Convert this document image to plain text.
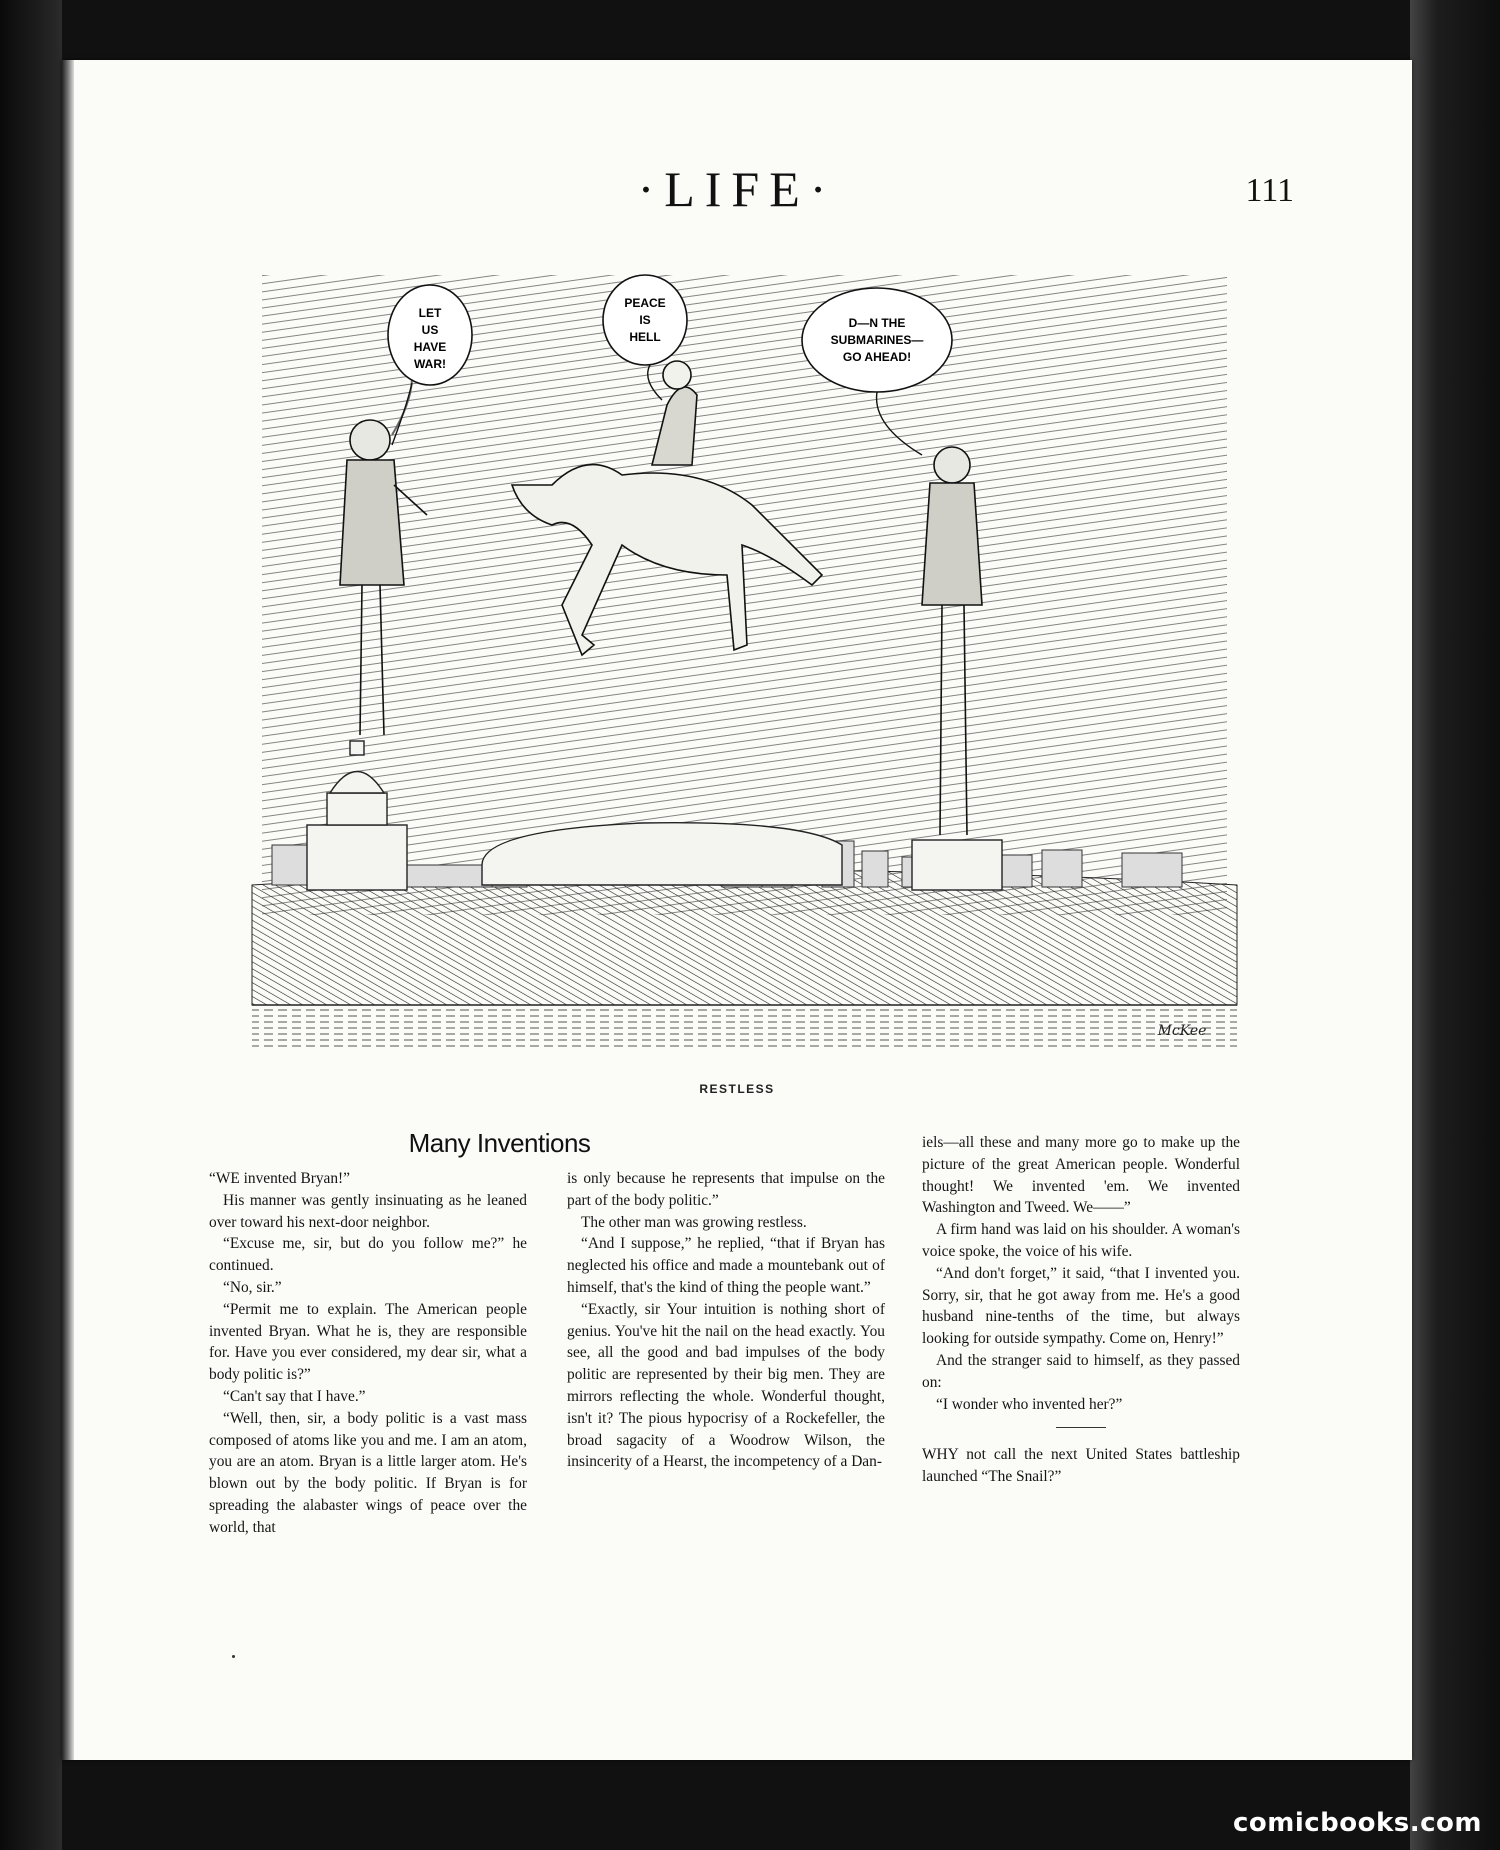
·LIFE·	111
LET
US
HAVE
WAR!
PEACE
IS
HELL
D—N THE
SUBMARINES—
GO AHEAD!
McKee
RESTLESS
Many Inventions

“WE invented Bryan!”

His manner was gently insinuating as he leaned over toward his next-door neighbor.

“Excuse me, sir, but do you follow me?” he continued.

“No, sir.”

“Permit me to explain. The American people invented Bryan. What he is, they are responsible for. Have you ever considered, my dear sir, what a body politic is?”

“Can't say that I have.”

“Well, then, sir, a body politic is a vast mass composed of atoms like you and me. I am an atom, you are an atom. Bryan is a little larger atom. He's blown out by the body politic. If Bryan is for spreading the alabaster wings of peace over the world, that

is only because he represents that impulse on the part of the body politic.”

The other man was growing restless.

“And I suppose,” he replied, “that if Bryan has neglected his office and made a mountebank out of himself, that's the kind of thing the people want.”

“Exactly, sir Your intuition is nothing short of genius. You've hit the nail on the head exactly. You see, all the good and bad impulses of the body politic are represented by their big men. They are mirrors reflecting the whole. Wonderful thought, isn't it? The pious hypocrisy of a Rockefeller, the broad sagacity of a Woodrow Wilson, the insincerity of a Hearst, the incompetency of a Dan-

iels—all these and many more go to make up the picture of the great American people. Wonderful thought! We invented 'em. We invented Washington and Tweed. We——”

A firm hand was laid on his shoulder. A woman's voice spoke, the voice of his wife.

“And don't forget,” it said, “that I invented you. Sorry, sir, that he got away from me. He's a good husband nine-tenths of the time, but always looking for outside sympathy. Come on, Henry!”

And the stranger said to himself, as they passed on:

“I wonder who invented her?”

WHY not call the next United States battleship launched “The Snail?”

comicbooks.com
